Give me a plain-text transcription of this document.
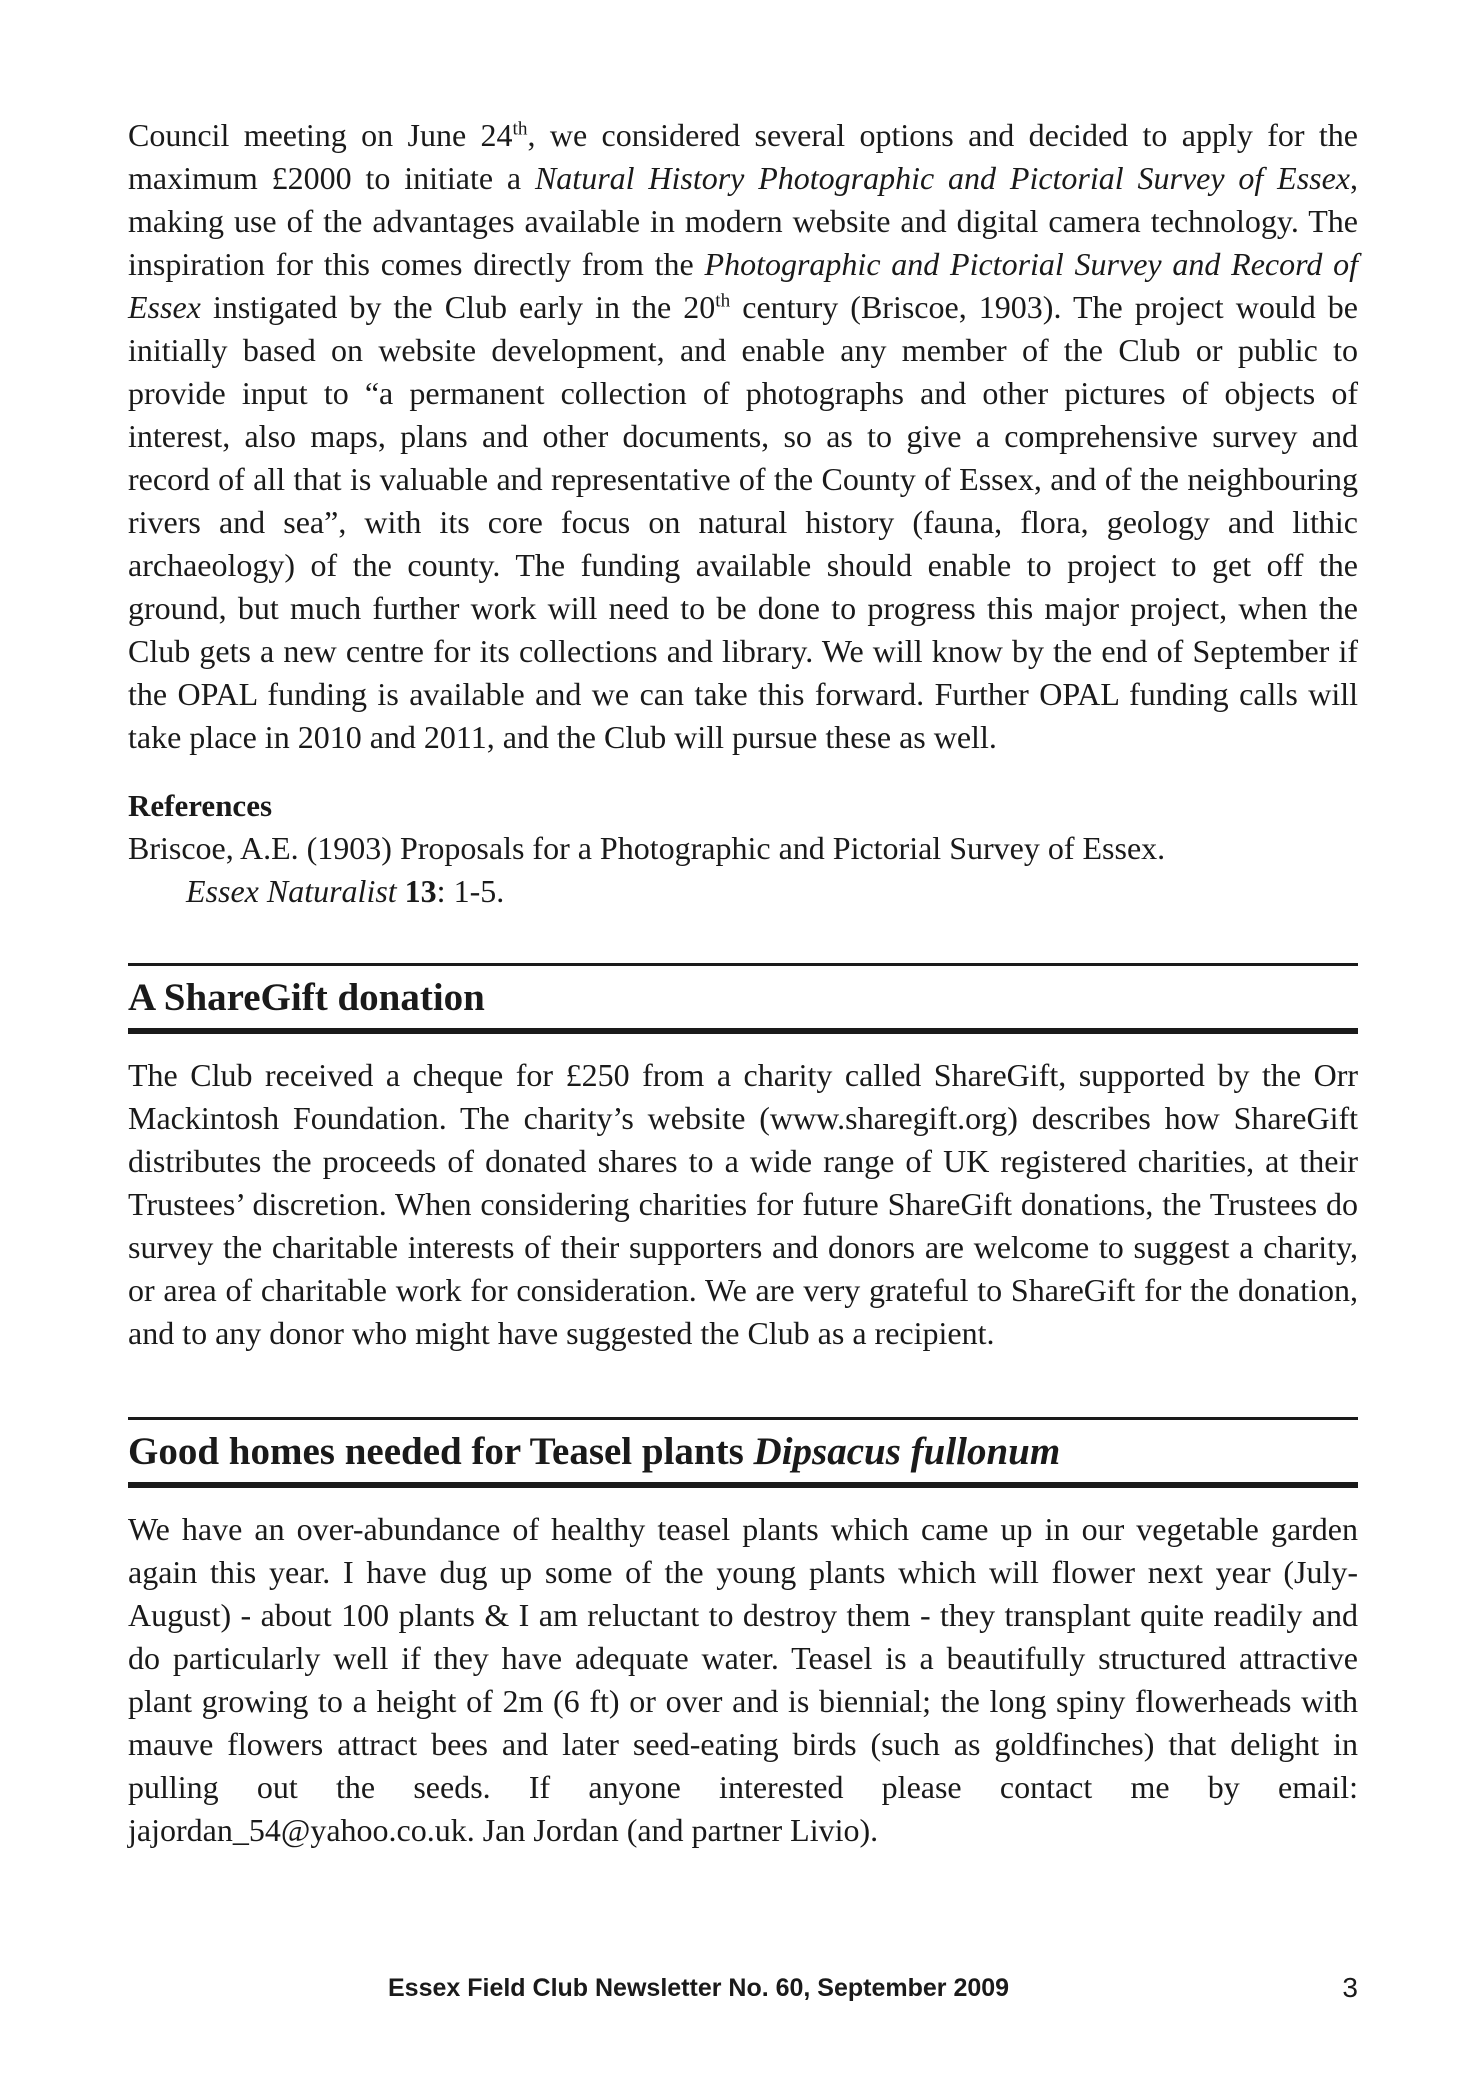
Council meeting on June 24th, we considered several options and decided to apply for the maximum £2000 to initiate a Natural History Photographic and Pictorial Survey of Essex, making use of the advantages available in modern website and digital camera technology. The inspiration for this comes directly from the Photographic and Pictorial Survey and Record of Essex instigated by the Club early in the 20th century (Briscoe, 1903). The project would be initially based on website development, and enable any member of the Club or public to provide input to “a permanent collection of photographs and other pictures of objects of interest, also maps, plans and other documents, so as to give a comprehensive survey and record of all that is valuable and representative of the County of Essex, and of the neighbouring rivers and sea”, with its core focus on natural history (fauna, flora, geology and lithic archaeology) of the county. The funding available should enable to project to get off the ground, but much further work will need to be done to progress this major project, when the Club gets a new centre for its collections and library. We will know by the end of September if the OPAL funding is available and we can take this forward. Further OPAL funding calls will take place in 2010 and 2011, and the Club will pursue these as well.

References
Briscoe, A.E. (1903) Proposals for a Photographic and Pictorial Survey of Essex.
Essex Naturalist 13: 1-5.
A ShareGift donation

The Club received a cheque for £250 from a charity called ShareGift, supported by the Orr Mackintosh Foundation. The charity’s website (www.sharegift.org) describes how ShareGift distributes the proceeds of donated shares to a wide range of UK registered charities, at their Trustees’ discretion. When considering charities for future ShareGift donations, the Trustees do survey the charitable interests of their supporters and donors are welcome to suggest a charity, or area of charitable work for consideration. We are very grateful to ShareGift for the donation, and to any donor who might have suggested the Club as a recipient.

Good homes needed for Teasel plants Dipsacus fullonum

We have an over-abundance of healthy teasel plants which came up in our vegetable garden again this year. I have dug up some of the young plants which will flower next year (July-August) - about 100 plants & I am reluctant to destroy them - they transplant quite readily and do particularly well if they have adequate water. Teasel is a beautifully structured attractive plant growing to a height of 2m (6 ft) or over and is biennial; the long spiny flowerheads with mauve flowers attract bees and later seed-eating birds (such as goldfinches) that delight in pulling out the seeds. If anyone interested please contact me by email: jajordan_54@yahoo.co.uk. Jan Jordan (and partner Livio).

Essex Field Club Newsletter No. 60, September 2009	3
